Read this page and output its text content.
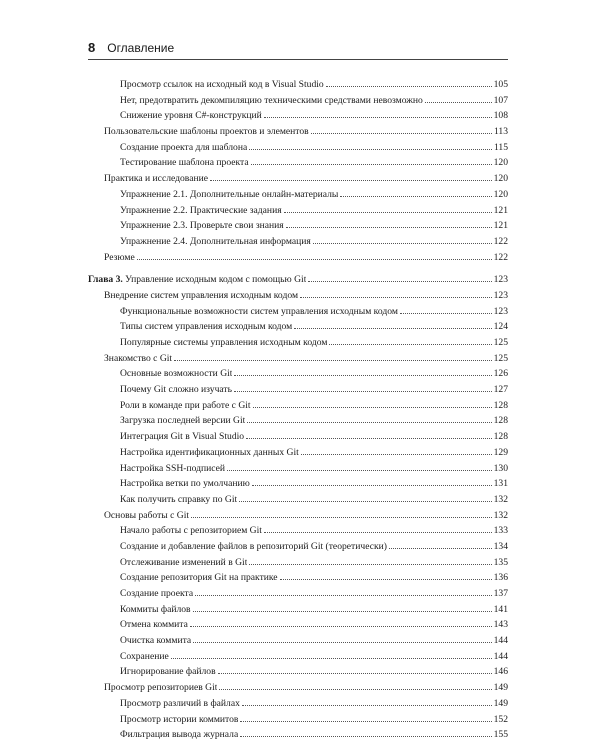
8 Оглавление
Просмотр ссылок на исходный код в Visual Studio	105
Нет, предотвратить декомпиляцию техническими средствами невозможно	107
Снижение уровня C#-конструкций	108
Пользовательские шаблоны проектов и элементов	113
Создание проекта для шаблона	115
Тестирование шаблона проекта	120
Практика и исследование	120
Упражнение 2.1. Дополнительные онлайн-материалы	120
Упражнение 2.2. Практические задания	121
Упражнение 2.3. Проверьте свои знания	121
Упражнение 2.4. Дополнительная информация	122
Резюме	122
Глава 3. Управление исходным кодом с помощью Git	123
Внедрение систем управления исходным кодом	123
Функциональные возможности систем управления исходным кодом	123
Типы систем управления исходным кодом	124
Популярные системы управления исходным кодом	125
Знакомство с Git	125
Основные возможности Git	126
Почему Git сложно изучать	127
Роли в команде при работе с Git	128
Загрузка последней версии Git	128
Интеграция Git в Visual Studio	128
Настройка идентификационных данных Git	129
Настройка SSH-подписей	130
Настройка ветки по умолчанию	131
Как получить справку по Git	132
Основы работы с Git	132
Начало работы с репозиторием Git	133
Создание и добавление файлов в репозиторий Git (теоретически)	134
Отслеживание изменений в Git	135
Создание репозитория Git на практике	136
Создание проекта	137
Коммиты файлов	141
Отмена коммита	143
Очистка коммита	144
Сохранение	144
Игнорирование файлов	146
Просмотр репозиториев Git	149
Просмотр различий в файлах	149
Просмотр истории коммитов	152
Фильтрация вывода журнала	155
